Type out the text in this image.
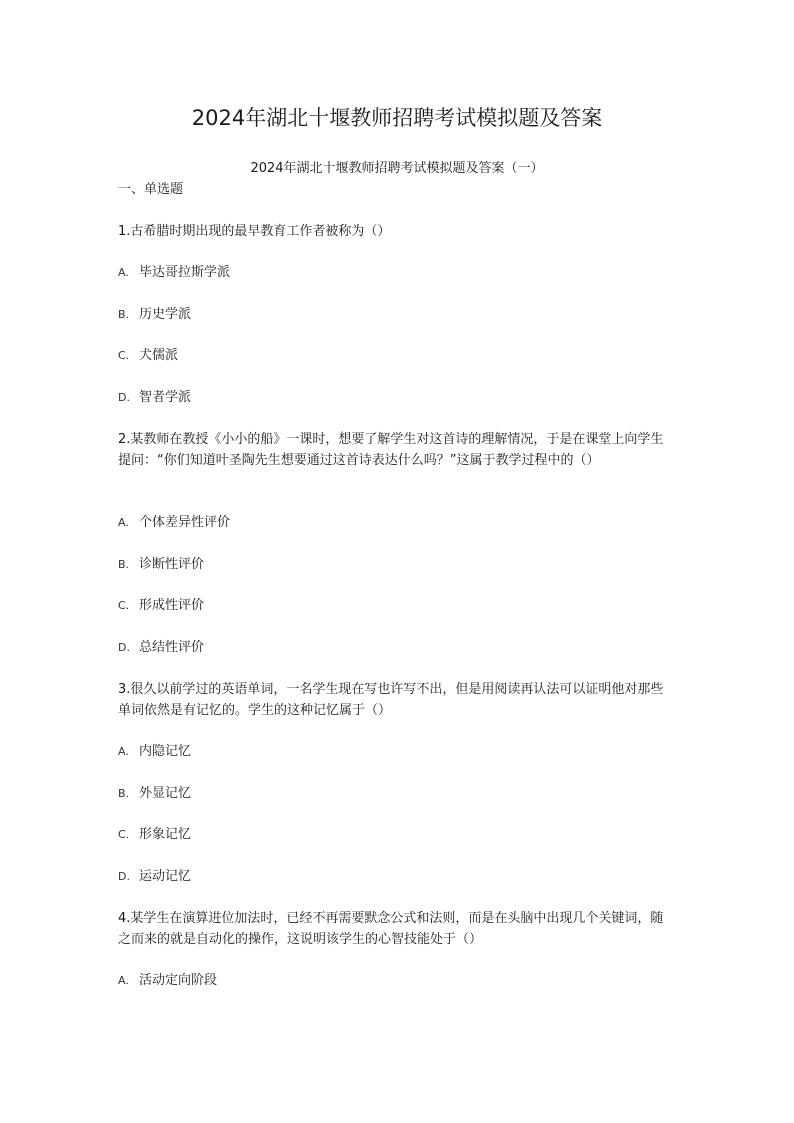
2024年湖北十堰教师招聘考试模拟题及答案

2024年湖北十堰教师招聘考试模拟题及答案（一）

一、单选题

1.古希腊时期出现的最早教育工作者被称为（）

A. 毕达哥拉斯学派

B. 历史学派

C. 犬儒派

D. 智者学派

2.某教师在教授《小小的船》一课时，想要了解学生对这首诗的理解情况，于是在课堂上向学生提问：“你们知道叶圣陶先生想要通过这首诗表达什么吗？”这属于教学过程中的（）

A. 个体差异性评价

B. 诊断性评价

C. 形成性评价

D. 总结性评价

3.很久以前学过的英语单词，一名学生现在写也许写不出，但是用阅读再认法可以证明他对那些单词依然是有记忆的。学生的这种记忆属于（）

A. 内隐记忆

B. 外显记忆

C. 形象记忆

D. 运动记忆

4.某学生在演算进位加法时，已经不再需要默念公式和法则，而是在头脑中出现几个关键词，随之而来的就是自动化的操作，这说明该学生的心智技能处于（）

A. 活动定向阶段
